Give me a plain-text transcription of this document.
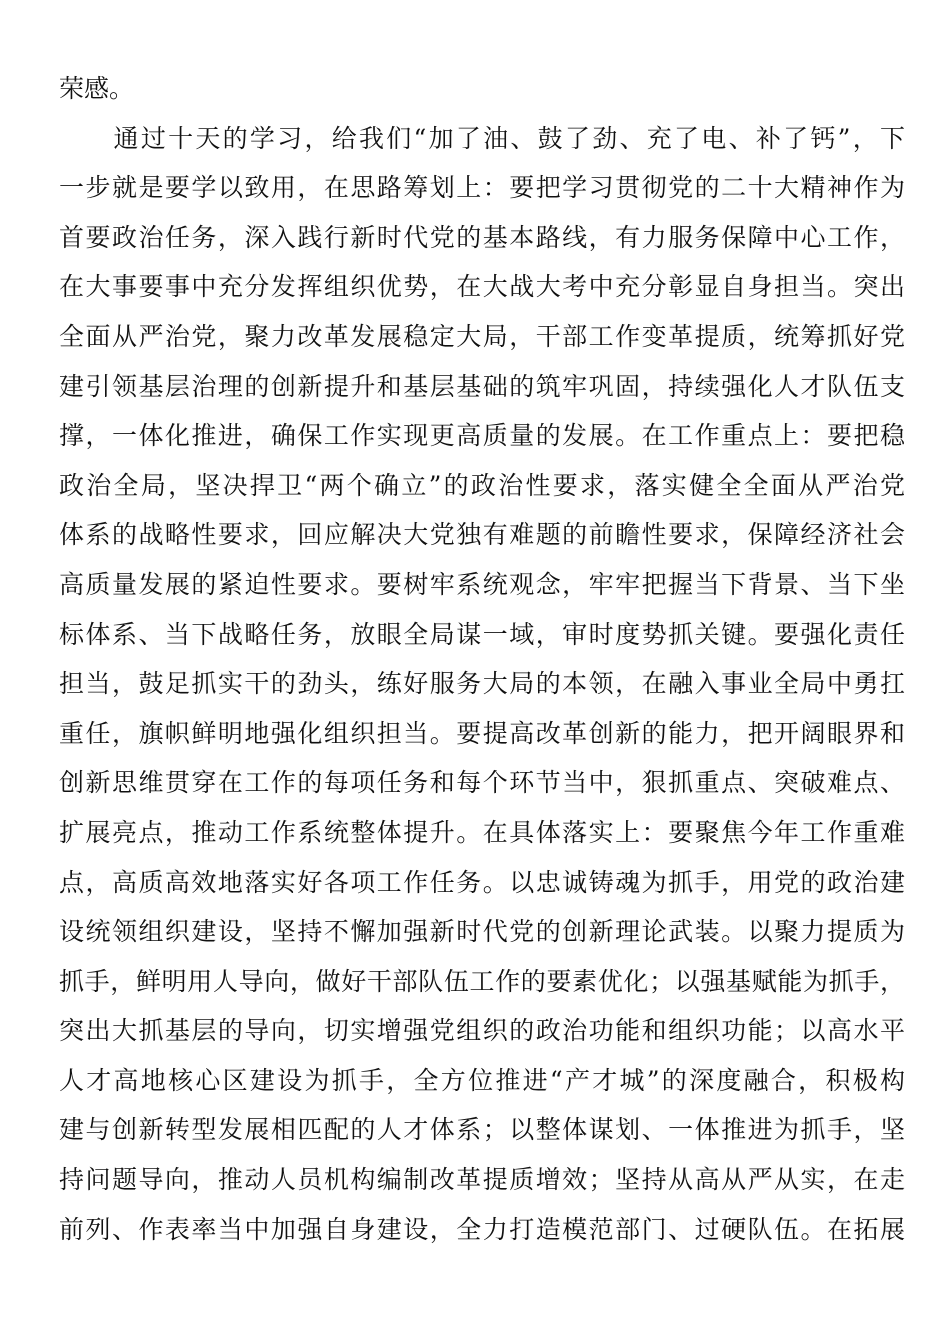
荣感。
　　通过十天的学习，给我们“加了油、鼓了劲、充了电、补了钙”，下
一步就是要学以致用，在思路筹划上：要把学习贯彻党的二十大精神作为
首要政治任务，深入践行新时代党的基本路线，有力服务保障中心工作，
在大事要事中充分发挥组织优势，在大战大考中充分彰显自身担当。突出
全面从严治党，聚力改革发展稳定大局，干部工作变革提质，统筹抓好党
建引领基层治理的创新提升和基层基础的筑牢巩固，持续强化人才队伍支
撑，一体化推进，确保工作实现更高质量的发展。在工作重点上：要把稳
政治全局，坚决捍卫“两个确立”的政治性要求，落实健全全面从严治党
体系的战略性要求，回应解决大党独有难题的前瞻性要求，保障经济社会
高质量发展的紧迫性要求。要树牢系统观念，牢牢把握当下背景、当下坐
标体系、当下战略任务，放眼全局谋一域，审时度势抓关键。要强化责任
担当，鼓足抓实干的劲头，练好服务大局的本领，在融入事业全局中勇扛
重任，旗帜鲜明地强化组织担当。要提高改革创新的能力，把开阔眼界和
创新思维贯穿在工作的每项任务和每个环节当中，狠抓重点、突破难点、
扩展亮点，推动工作系统整体提升。在具体落实上：要聚焦今年工作重难
点，高质高效地落实好各项工作任务。以忠诚铸魂为抓手，用党的政治建
设统领组织建设，坚持不懈加强新时代党的创新理论武装。以聚力提质为
抓手，鲜明用人导向，做好干部队伍工作的要素优化；以强基赋能为抓手，
突出大抓基层的导向，切实增强党组织的政治功能和组织功能；以高水平
人才高地核心区建设为抓手，全方位推进“产才城”的深度融合，积极构
建与创新转型发展相匹配的人才体系；以整体谋划、一体推进为抓手，坚
持问题导向，推动人员机构编制改革提质增效；坚持从高从严从实，在走
前列、作表率当中加强自身建设，全力打造模范部门、过硬队伍。在拓展
